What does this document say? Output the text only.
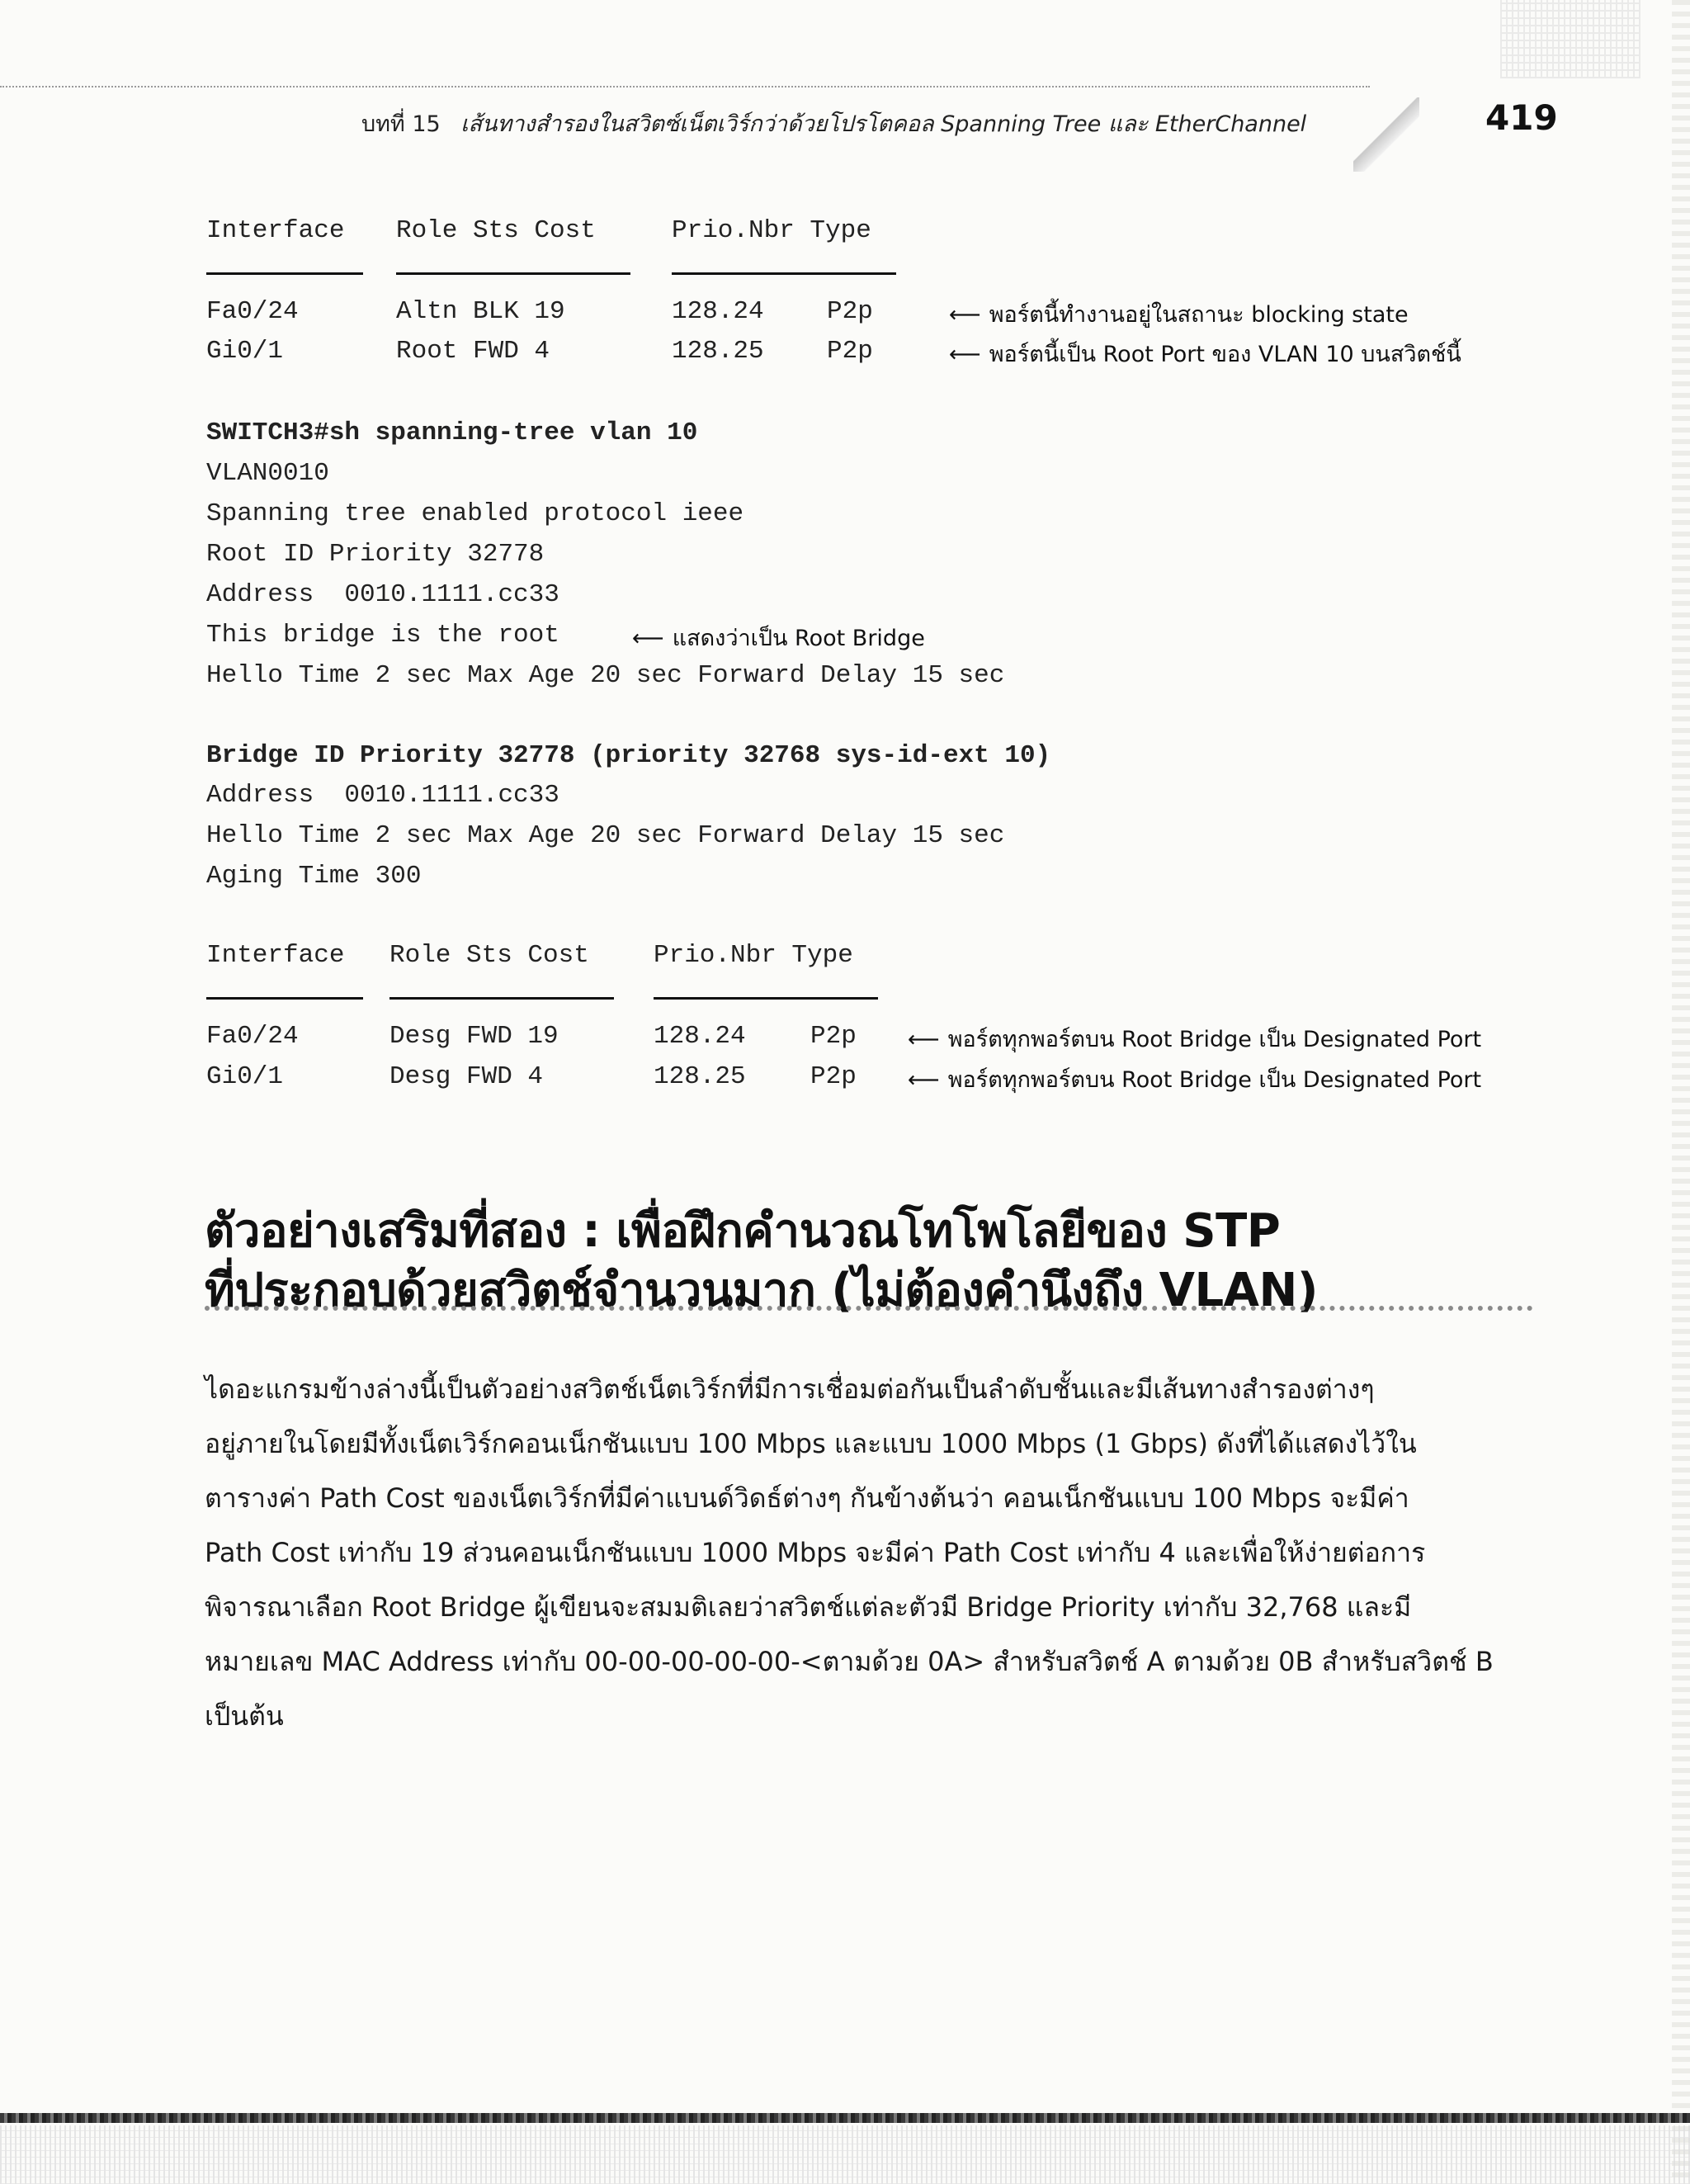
บทที่ 15 เส้นทางสำรองในสวิตซ์เน็ตเวิร์กว่าด้วยโปรโตคอล Spanning Tree และ EtherChannel	419
Interface Role Sts Cost	Prio.Nbr Type
Fa0/24	Altn BLK 19	128.24 P2p	⟵ พอร์ตนี้ทำงานอยู่ในสถานะ blocking state
Gi0/1	Root FWD 4	128.25 P2p	⟵ พอร์ตนี้เป็น Root Port ของ VLAN 10 บนสวิตช์นี้
SWITCH3#sh spanning-tree vlan 10
VLAN0010
Spanning tree enabled protocol ieee
Root ID Priority 32778
Address  0010.1111.cc33
This bridge is the root	⟵ แสดงว่าเป็น Root Bridge
Hello Time 2 sec Max Age 20 sec Forward Delay 15 sec
Bridge ID Priority 32778 (priority 32768 sys-id-ext 10)
Address  0010.1111.cc33
Hello Time 2 sec Max Age 20 sec Forward Delay 15 sec
Aging Time 300
Interface Role Sts Cost	Prio.Nbr Type
Fa0/24	Desg FWD 19	128.24	P2p ⟵ พอร์ตทุกพอร์ตบน Root Bridge เป็น Designated Port
Gi0/1	Desg FWD 4	128.25	P2p ⟵ พอร์ตทุกพอร์ตบน Root Bridge เป็น Designated Port
ตัวอย่างเสริมที่สอง : เพื่อฝึกคำนวณโทโพโลยีของ STP
ที่ประกอบด้วยสวิตช์จำนวนมาก (ไม่ต้องคำนึงถึง VLAN)
ไดอะแกรมข้างล่างนี้เป็นตัวอย่างสวิตช์เน็ตเวิร์กที่มีการเชื่อมต่อกันเป็นลำดับชั้นและมีเส้นทางสำรองต่างๆ
อยู่ภายในโดยมีทั้งเน็ตเวิร์กคอนเน็กชันแบบ 100 Mbps และแบบ 1000 Mbps (1 Gbps) ดังที่ได้แสดงไว้ใน
ตารางค่า Path Cost ของเน็ตเวิร์กที่มีค่าแบนด์วิดธ์ต่างๆ กันข้างต้นว่า คอนเน็กชันแบบ 100 Mbps จะมีค่า
Path Cost เท่ากับ 19 ส่วนคอนเน็กชันแบบ 1000 Mbps จะมีค่า Path Cost เท่ากับ 4 และเพื่อให้ง่ายต่อการ
พิจารณาเลือก Root Bridge ผู้เขียนจะสมมติเลยว่าสวิตช์แต่ละตัวมี Bridge Priority เท่ากับ 32,768 และมี
หมายเลข MAC Address เท่ากับ 00-00-00-00-00-<ตามด้วย 0A> สำหรับสวิตช์ A ตามด้วย 0B สำหรับสวิตช์ B
เป็นต้น
